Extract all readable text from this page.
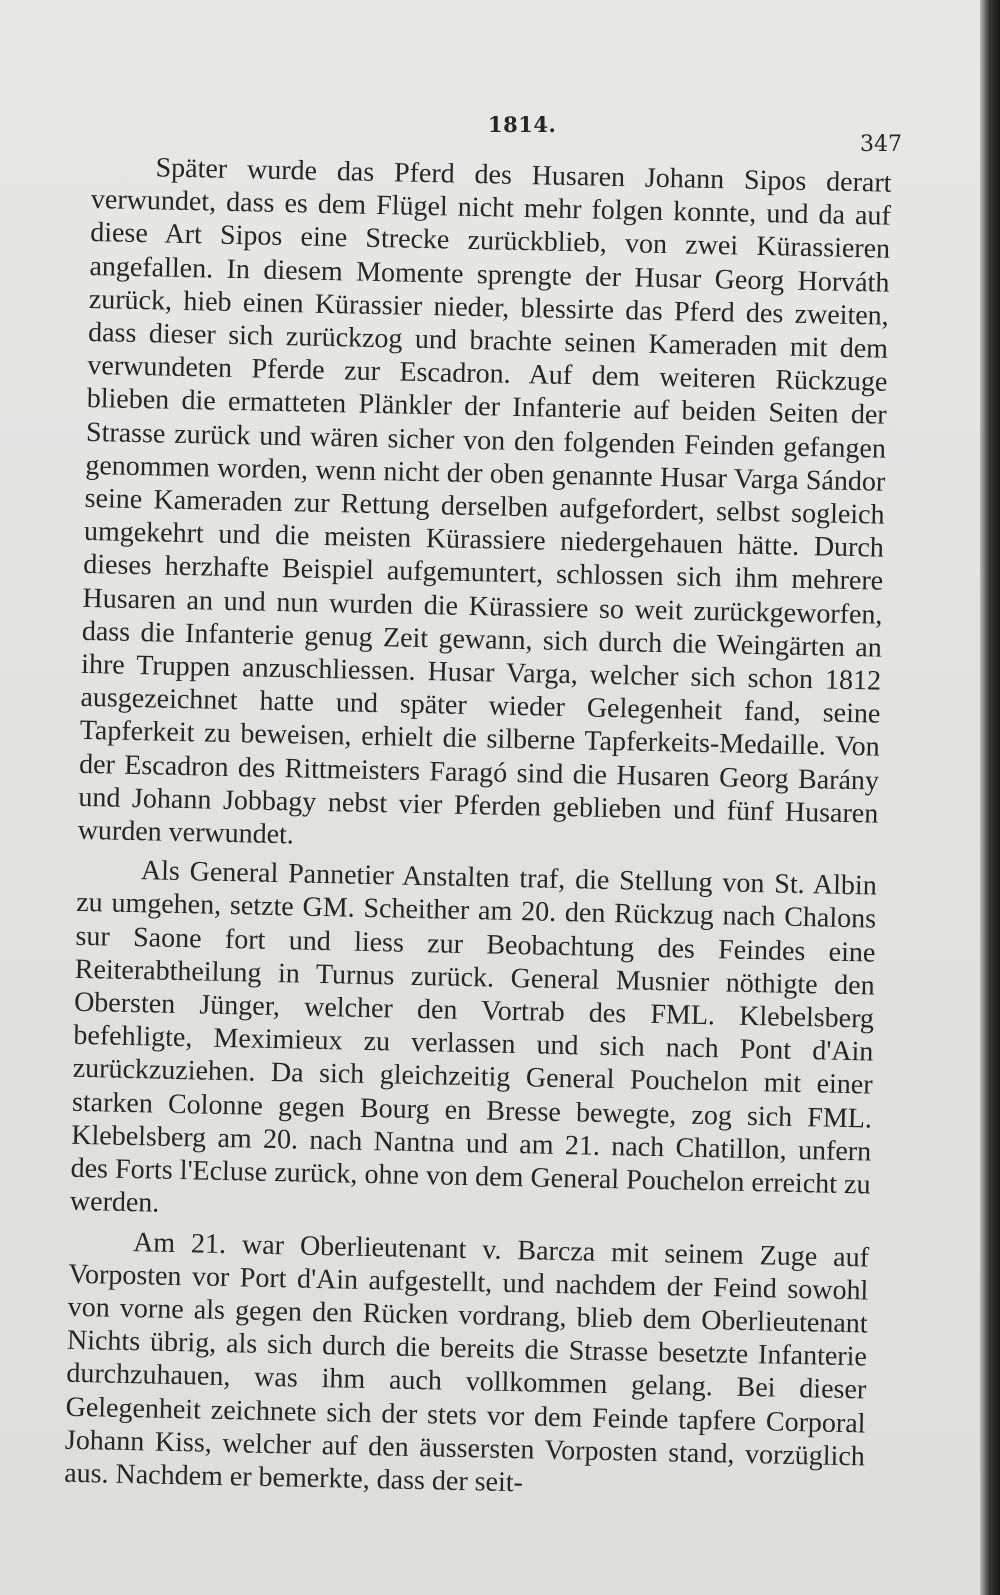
1814.
347

Später wurde das Pferd des Husaren Johann Sipos derart verwundet, dass es dem Flügel nicht mehr folgen konnte, und da auf diese Art Sipos eine Strecke zurückblieb, von zwei Kürassieren angefallen. In diesem Momente sprengte der Husar Georg Horváth zurück, hieb einen Kürassier nieder, blessirte das Pferd des zweiten, dass dieser sich zurückzog und brachte seinen Kameraden mit dem verwundeten Pferde zur Escadron. Auf dem weiteren Rückzuge blieben die ermatteten Plänkler der Infanterie auf beiden Seiten der Strasse zurück und wären sicher von den folgenden Feinden gefangen genommen worden, wenn nicht der oben genannte Husar Varga Sándor seine Kameraden zur Rettung derselben aufgefordert, selbst sogleich umgekehrt und die meisten Kürassiere niedergehauen hätte. Durch dieses herzhafte Beispiel aufgemuntert, schlossen sich ihm mehrere Husaren an und nun wurden die Kürassiere so weit zurückgeworfen, dass die Infanterie genug Zeit gewann, sich durch die Weingärten an ihre Truppen anzuschliessen. Husar Varga, welcher sich schon 1812 ausgezeichnet hatte und später wieder Gelegenheit fand, seine Tapferkeit zu beweisen, erhielt die silberne Tapferkeits-Medaille. Von der Escadron des Rittmeisters Faragó sind die Husaren Georg Barány und Johann Jobbagy nebst vier Pferden geblieben und fünf Husaren wurden verwundet.

Als General Pannetier Anstalten traf, die Stellung von St. Albin zu umgehen, setzte GM. Scheither am 20. den Rückzug nach Chalons sur Saone fort und liess zur Beobachtung des Feindes eine Reiterabtheilung in Turnus zurück. General Musnier nöthigte den Obersten Jünger, welcher den Vortrab des FML. Klebelsberg befehligte, Meximieux zu verlassen und sich nach Pont d'Ain zurückzuziehen. Da sich gleichzeitig General Pouchelon mit einer starken Colonne gegen Bourg en Bresse bewegte, zog sich FML. Klebelsberg am 20. nach Nantna und am 21. nach Chatillon, unfern des Forts l'Ecluse zurück, ohne von dem General Pouchelon erreicht zu werden.

Am 21. war Oberlieutenant v. Barcza mit seinem Zuge auf Vorposten vor Port d'Ain aufgestellt, und nachdem der Feind sowohl von vorne als gegen den Rücken vordrang, blieb dem Oberlieutenant Nichts übrig, als sich durch die bereits die Strasse besetzte Infanterie durchzuhauen, was ihm auch vollkommen gelang. Bei dieser Gelegenheit zeichnete sich der stets vor dem Feinde tapfere Corporal Johann Kiss, welcher auf den äussersten Vorposten stand, vorzüglich aus. Nachdem er bemerkte, dass der seit-
